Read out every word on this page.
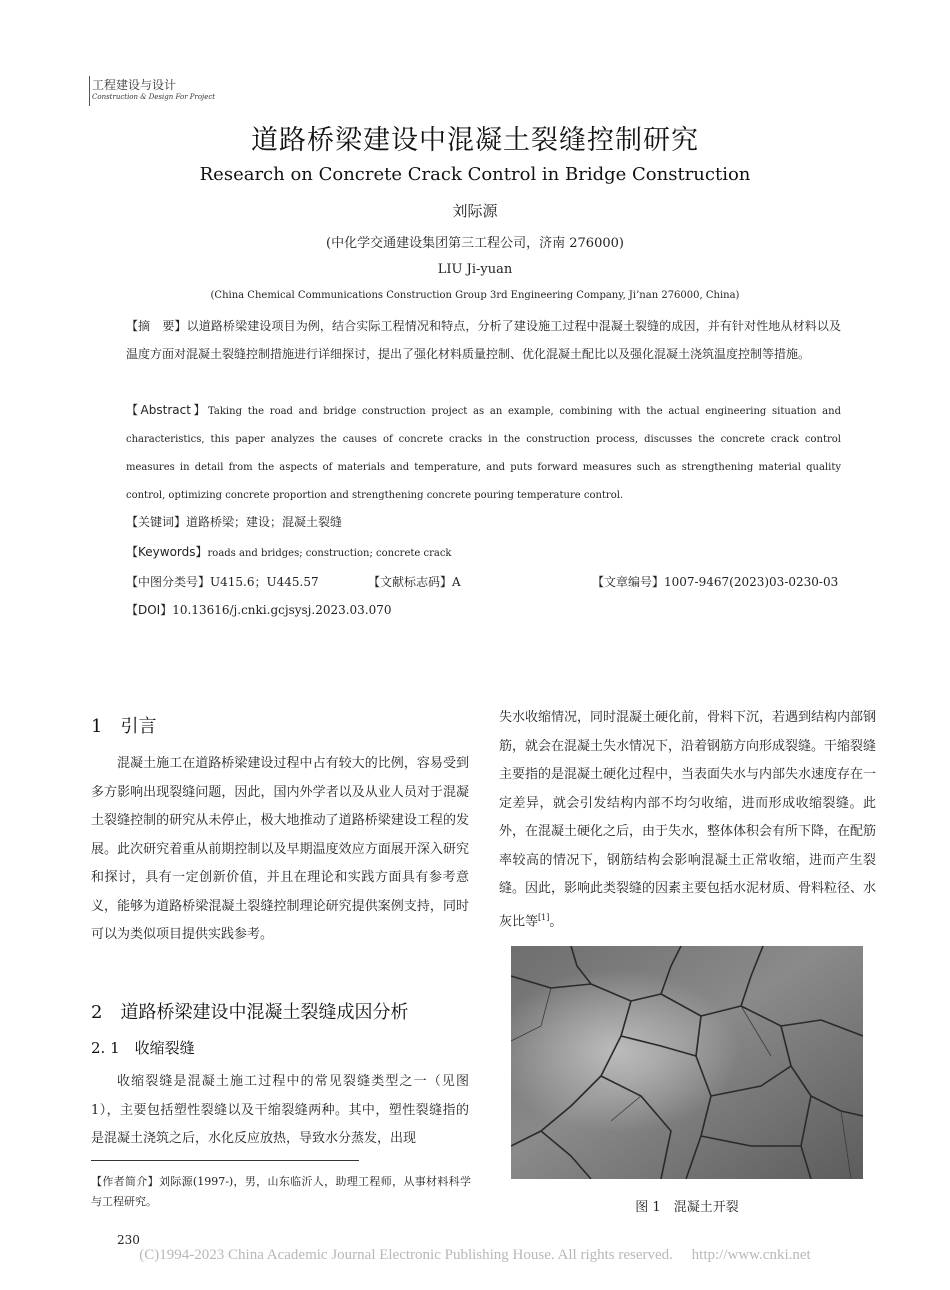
工程建设与设计
Construction & Design For Project
道路桥梁建设中混凝土裂缝控制研究
Research on Concrete Crack Control in Bridge Construction
刘际源
(中化学交通建设集团第三工程公司，济南 276000)
LIU Ji-yuan
(China Chemical Communications Construction Group 3rd Engineering Company, Ji’nan 276000, China)
【摘　要】以道路桥梁建设项目为例，结合实际工程情况和特点，分析了建设施工过程中混凝土裂缝的成因，并有针对性地从材料以及温度方面对混凝土裂缝控制措施进行详细探讨，提出了强化材料质量控制、优化混凝土配比以及强化混凝土浇筑温度控制等措施。
【Abstract】Taking the road and bridge construction project as an example, combining with the actual engineering situation and characteristics, this paper analyzes the causes of concrete cracks in the construction process, discusses the concrete crack control measures in detail from the aspects of materials and temperature, and puts forward measures such as strengthening material quality control, optimizing concrete proportion and strengthening concrete pouring temperature control.
【关键词】道路桥梁；建设；混凝土裂缝
【Keywords】roads and bridges; construction; concrete crack
【中图分类号】U415.6；U445.57	【文献标志码】A	【文章编号】1007-9467(2023)03-0230-03
【DOI】10.13616/j.cnki.gcjsysj.2023.03.070
1　引言
混凝土施工在道路桥梁建设过程中占有较大的比例，容易受到多方影响出现裂缝问题，因此，国内外学者以及从业人员对于混凝土裂缝控制的研究从未停止，极大地推动了道路桥梁建设工程的发展。此次研究着重从前期控制以及早期温度效应方面展开深入研究和探讨，具有一定创新价值，并且在理论和实践方面具有参考意义，能够为道路桥梁混凝土裂缝控制理论研究提供案例支持，同时可以为类似项目提供实践参考。
2　道路桥梁建设中混凝土裂缝成因分析
2. 1　收缩裂缝
收缩裂缝是混凝土施工过程中的常见裂缝类型之一（见图 1），主要包括塑性裂缝以及干缩裂缝两种。其中，塑性裂缝指的是混凝土浇筑之后，水化反应放热，导致水分蒸发，出现
失水收缩情况，同时混凝土硬化前，骨料下沉，若遇到结构内部钢筋，就会在混凝土失水情况下，沿着钢筋方向形成裂缝。干缩裂缝主要指的是混凝土硬化过程中，当表面失水与内部失水速度存在一定差异，就会引发结构内部不均匀收缩，进而形成收缩裂缝。此外，在混凝土硬化之后，由于失水，整体体积会有所下降，在配筋率较高的情况下，钢筋结构会影响混凝土正常收缩，进而产生裂缝。因此，影响此类裂缝的因素主要包括水泥材质、骨料粒径、水灰比等[1]。
图 1　混凝土开裂
【作者简介】刘际源(1997-)，男，山东临沂人，助理工程师，从事材料科学与工程研究。
230
(C)1994-2023 China Academic Journal Electronic Publishing House. All rights reserved.　 http://www.cnki.net
